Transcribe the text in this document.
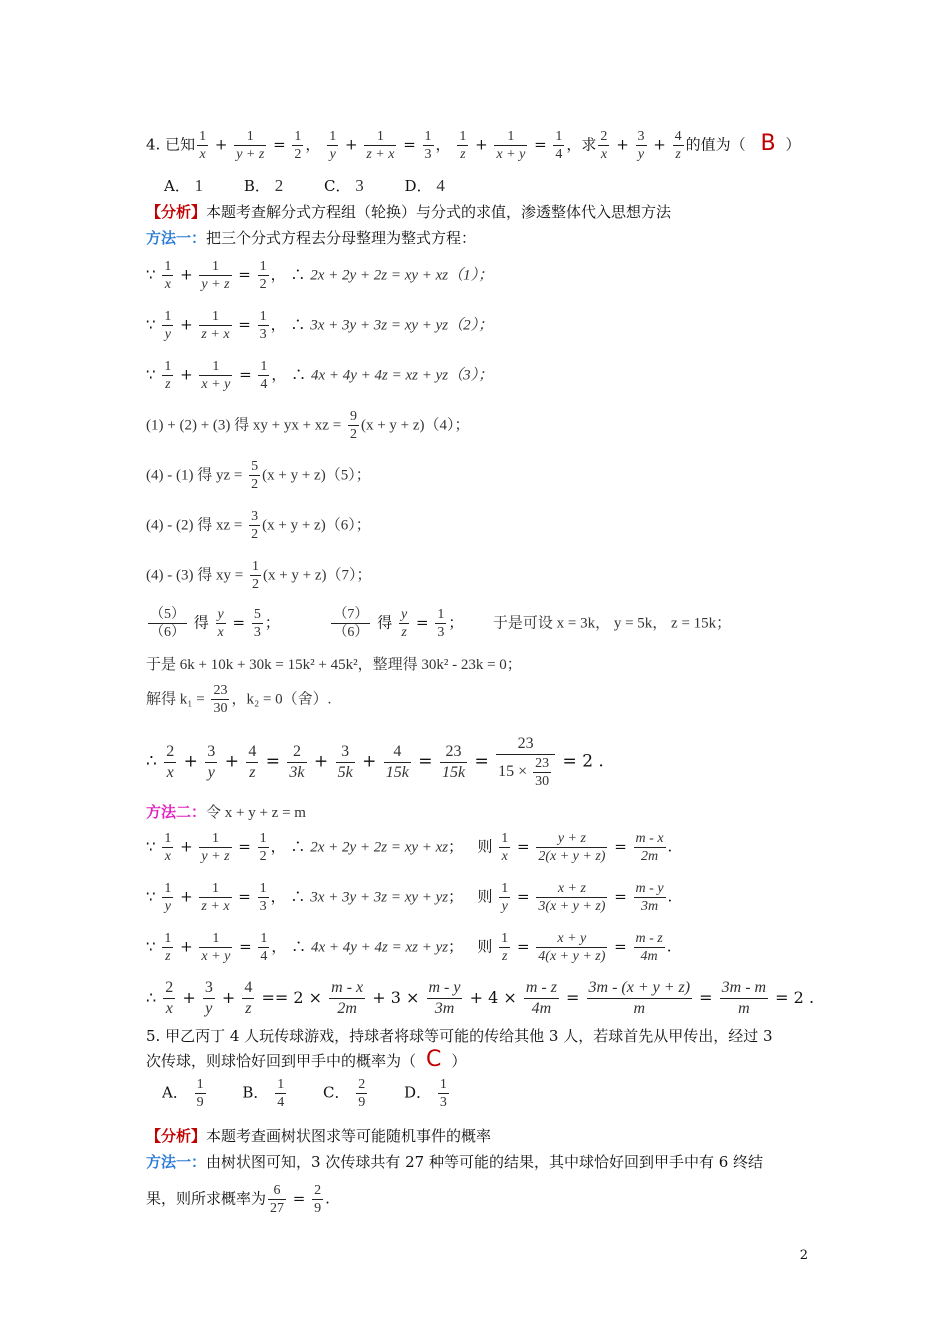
4. 已知 $\frac{1}{x} + \frac{1}{y + z} = \frac{1}{2}$ ， $\frac{1}{y} + \frac{1}{z + x} = \frac{1}{3}$ ， $\frac{1}{z} + \frac{1}{x + y} = \frac{1}{4}$ ，求 $\frac{2}{x} + \frac{3}{y} + \frac{4}{z}$ 的值为（ B ）
A． 1	B． 2	C． 3	D． 4
【分析】本题考查解分式方程组（轮换）与分式的求值，渗透整体代入思想方法
方法一：把三个分式方程去分母整理为整式方程：
∵ $\frac{1}{x} + \frac{1}{y + z} = \frac{1}{2}$ ， ∴ 2x + 2y + 2z = xy + xz（1）；
∵ $\frac{1}{y} + \frac{1}{z + x} = \frac{1}{3}$ ， ∴ 3x + 3y + 3z = xy + yz（2）；
∵ $\frac{1}{z} + \frac{1}{x + y} = \frac{1}{4}$ ， ∴ 4x + 4y + 4z = xz + yz（3）；
(1) + (2) + (3) 得 xy + yx + xz = $\frac{9}{2} (x + y + z)(4)$；
(4) - (1) 得 yz = $\frac{5}{2} (x + y + z)(5)$；
(4) - (2) 得 xz = $\frac{3}{2} (x + y + z)(6)$；
(4) - (3) 得 xy = $\frac{1}{2} (x + y + z)(7)$；
$\frac{(5)}{(6)}$ 得 $\frac{y}{x} = \frac{5}{3}$ ；	$\frac{(7)}{(6)}$ 得 $\frac{y}{z} = \frac{1}{3}$ ；  于是可设 x = 3k， y = 5k， z = 15k；
于是 6k + 10k + 30k = 15k² + 45k²，整理得 30k² - 23k = 0；
解得 $k_1 = \frac{23}{30}$ ，k₂ = 0（舍）.
∴ $\frac{2}{x} + \frac{3}{y} + \frac{4}{z} = \frac{2}{3k} + \frac{3}{5k} + \frac{4}{15k} = \frac{23}{15k} = \frac{23}{15 \times \frac{23}{30}} = 2$ .
方法二：令 x + y + z = m
∵ $\frac{1}{x} + \frac{1}{y + z} = \frac{1}{2}$ ， ∴ 2x + 2y + 2z = xy + xz；   则 $\frac{1}{x} = \frac{y + z}{2(x + y + z)} = \frac{m - x}{2m}$ .
∵ $\frac{1}{y} + \frac{1}{z + x} = \frac{1}{3}$ ， ∴ 3x + 3y + 3z = xy + yz；   则 $\frac{1}{y} = \frac{x + z}{3(x + y + z)} = \frac{m - y}{3m}$ .
∵ $\frac{1}{z} + \frac{1}{x + y} = \frac{1}{4}$ ， ∴ 4x + 4y + 4z = xz + yz；   则 $\frac{1}{z} = \frac{x + y}{4(x + y + z)} = \frac{m - z}{4m}$ .
∴ $\frac{2}{x} + \frac{3}{y} + \frac{4}{z} == 2 \times \frac{m - x}{2m} + 3 \times \frac{m - y}{3m} + 4 \times \frac{m - z}{4m} = \frac{3m - (x + y + z)}{m} = \frac{3m - m}{m} = 2$ .
5. 甲乙丙丁 4 人玩传球游戏，持球者将球等可能的传给其他 3 人，若球首先从甲传出，经过 3
次传球，则球恰好回到甲手中的概率为（ C ）
A． $\frac{1}{9}$ B． $\frac{1}{4}$ C． $\frac{2}{9}$ D． $\frac{1}{3}$
【分析】本题考查画树状图求等可能随机事件的概率
方法一：由树状图可知，3 次传球共有 27 种等可能的结果，其中球恰好回到甲手中有 6 终结
果，则所求概率为 $\frac{6}{27} = \frac{2}{9}$ .
2
